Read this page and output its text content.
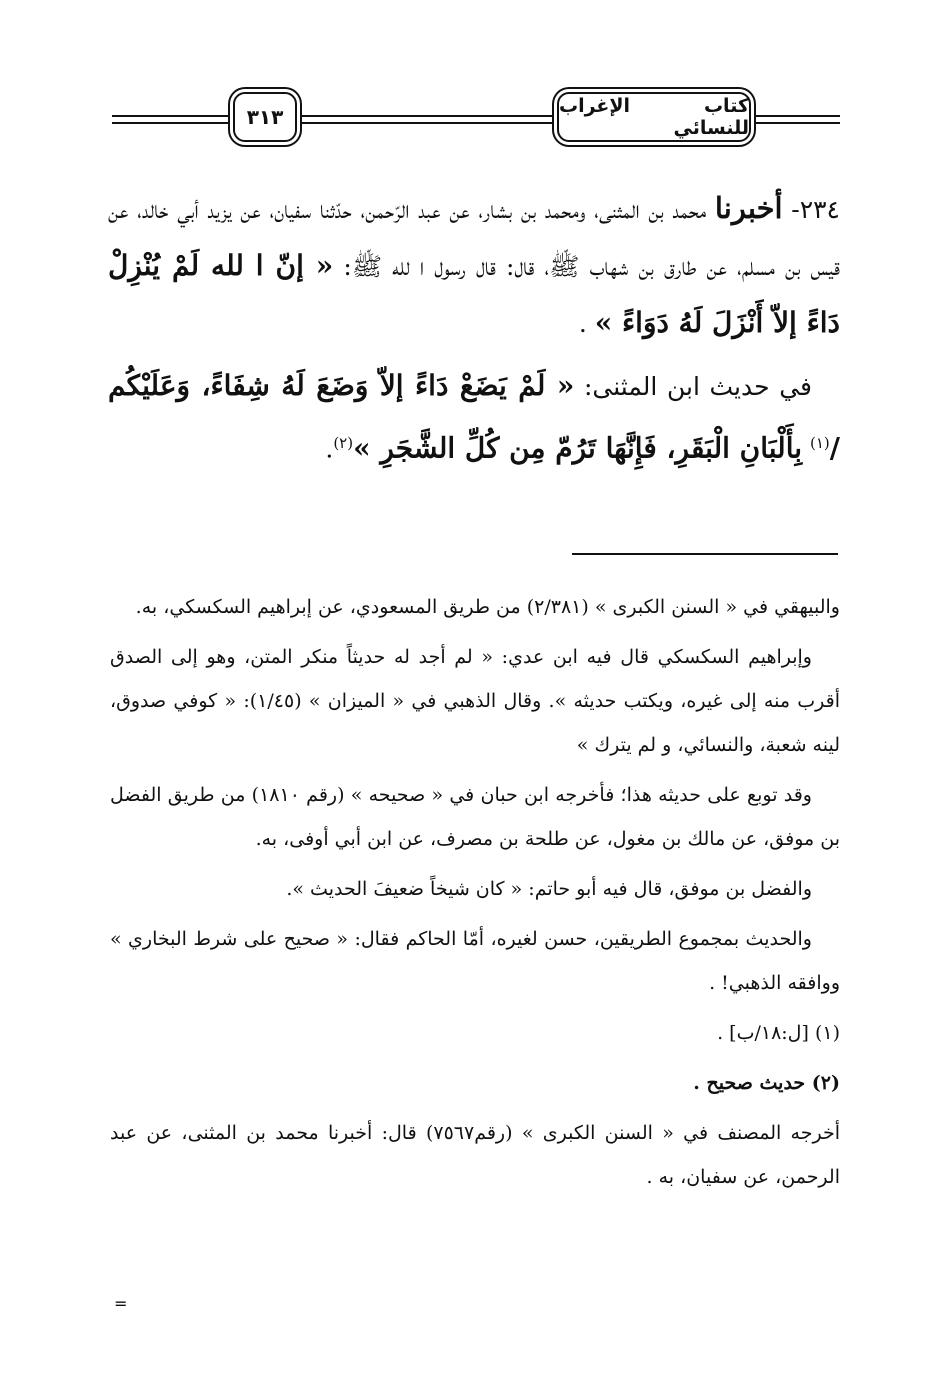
كتاب الإغراب للنسائي
٣١٣

٢٣٤- أخبرنا محمد بن المثنى، ومحمد بن بشار، عن عبد الرّحمن، حدّثنا سفيان، عن يزيد أبي خالد، عن قيس بن مسلم، عن طارق بن شهاب ﷺ، قال: قال رسول ا لله ﷺ: « إنّ ا لله لَمْ يُنْزِلْ دَاءً إلاّ أَنْزَلَ لَهُ دَوَاءً » .

في حديث ابن المثنى: « لَمْ يَضَعْ دَاءً إلاّ وَضَعَ لَهُ شِفَاءً، وَعَلَيْكُم /$^{(١)}$ بِأَلْبَانِ الْبَقَرِ، فَإِنَّهَا تَرُمّ مِن كُلِّ الشَّجَرِ »$^{(٢)}$.

والبيهقي في « السنن الكبرى » (٢/٣٨١) من طريق المسعودي، عن إبراهيم السكسكي، به.

وإبراهيم السكسكي قال فيه ابن عدي: « لم أجد له حديثاً منكر المتن، وهو إلى الصدق أقرب منه إلى غيره، ويكتب حديثه ». وقال الذهبي في « الميزان » (١/٤٥): « كوفي صدوق، لينه شعبة، والنسائي، و لم يترك »

وقد توبع على حديثه هذا؛ فأخرجه ابن حبان في « صحيحه » (رقم ١٨١٠) من طريق الفضل بن موفق، عن مالك بن مغول، عن طلحة بن مصرف، عن ابن أبي أوفى، به.

والفضل بن موفق، قال فيه أبو حاتم: « كان شيخاً ضعيفَ الحديث ».

والحديث بمجموع الطريقين، حسن لغيره، أمّا الحاكم فقال: « صحيح على شرط البخاري » ووافقه الذهبي! .

(١) [ل:١٨/ب] .

(٢) حديث صحيح .

أخرجه المصنف في « السنن الكبرى » (رقم٧٥٦٧) قال: أخبرنا محمد بن المثنى، عن عبد الرحمن، عن سفيان، به .

=
